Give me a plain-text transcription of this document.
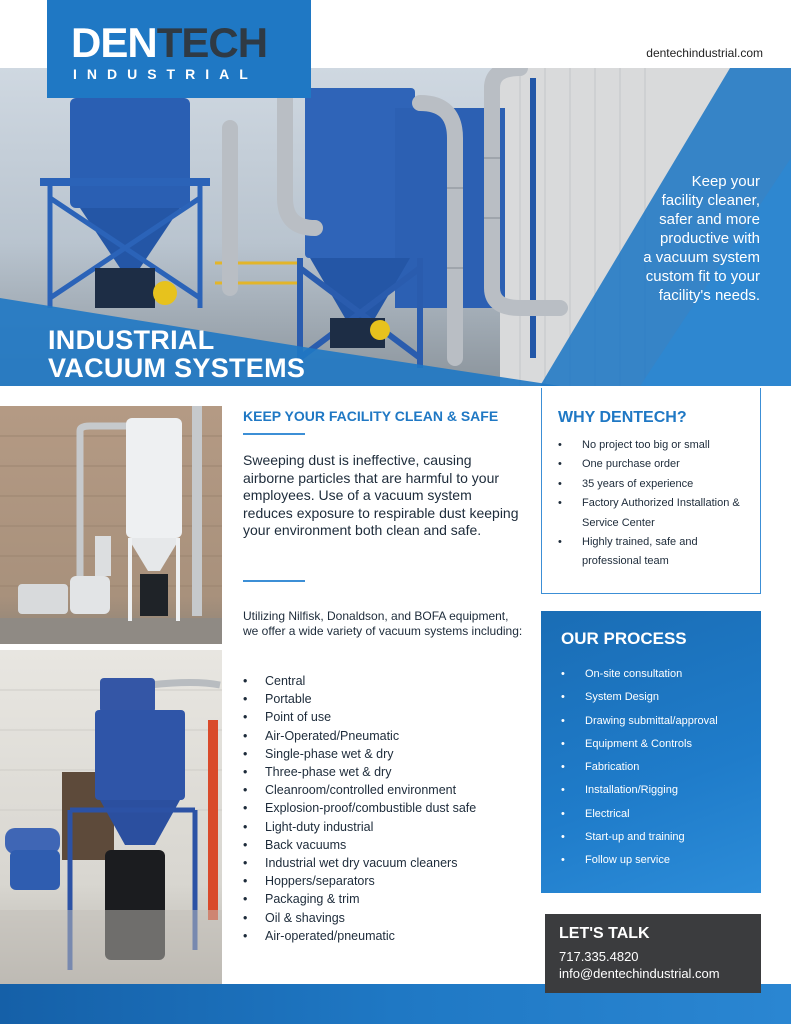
DENTECH
INDUSTRIAL
dentechindustrial.com
Keep your
facility cleaner,
safer and more
productive with
a vacuum system
custom fit to your
facility's needs.
INDUSTRIAL
VACUUM SYSTEMS
KEEP YOUR FACILITY CLEAN & SAFE
Sweeping dust is ineffective, causing airborne particles that are harmful to your employees. Use of a vacuum system reduces exposure to respirable dust keeping your environment both clean and safe.
Utilizing Nilfisk, Donaldson, and BOFA equipment, we offer a wide variety of vacuum systems including:
• Central
• Portable
• Point of use
• Air-Operated/Pneumatic
• Single-phase wet & dry
• Three-phase wet & dry
• Cleanroom/controlled environment
• Explosion-proof/combustible dust safe
• Light-duty industrial
• Back vacuums
• Industrial wet dry vacuum cleaners
• Hoppers/separators
• Packaging & trim
• Oil & shavings
• Air-operated/pneumatic
WHY DENTECH?
• No project too big or small
• One purchase order
• 35 years of experience
• Factory Authorized Installation & Service Center
• Highly trained, safe and professional team
OUR PROCESS
• On-site consultation
• System Design
• Drawing submittal/approval
• Equipment & Controls
• Fabrication
• Installation/Rigging
• Electrical
• Start-up and training
• Follow up service
LET'S TALK
717.335.4820
info@dentechindustrial.com
